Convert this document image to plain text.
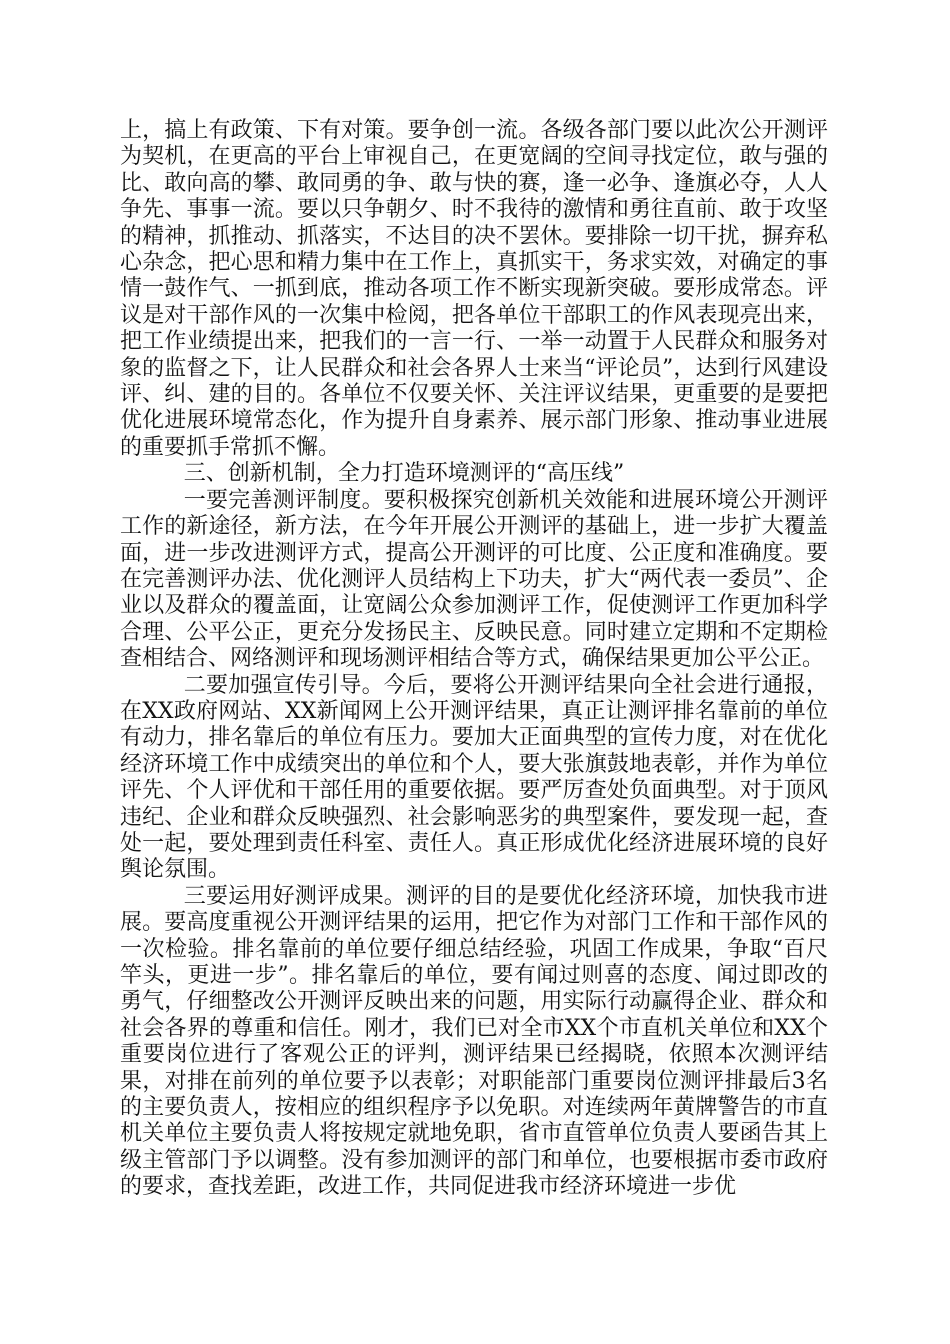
上，搞上有政策、下有对策。要争创一流。各级各部门要以此次公开测评为契机，在更高的平台上审视自己，在更宽阔的空间寻找定位，敢与强的比、敢向高的攀、敢同勇的争、敢与快的赛，逢一必争、逢旗必夺，人人争先、事事一流。要以只争朝夕、时不我待的激情和勇往直前、敢于攻坚的精神，抓推动、抓落实，不达目的决不罢休。要排除一切干扰，摒弃私心杂念，把心思和精力集中在工作上，真抓实干，务求实效，对确定的事情一鼓作气、一抓到底，推动各项工作不断实现新突破。要形成常态。评议是对干部作风的一次集中检阅，把各单位干部职工的作风表现亮出来，把工作业绩提出来，把我们的一言一行、一举一动置于人民群众和服务对象的监督之下，让人民群众和社会各界人士来当“评论员”，达到行风建设评、纠、建的目的。各单位不仅要关怀、关注评议结果，更重要的是要把优化进展环境常态化，作为提升自身素养、展示部门形象、推动事业进展的重要抓手常抓不懈。

三、创新机制，全力打造环境测评的“高压线”

一要完善测评制度。要积极探究创新机关效能和进展环境公开测评工作的新途径，新方法，在今年开展公开测评的基础上，进一步扩大覆盖面，进一步改进测评方式，提高公开测评的可比度、公正度和准确度。要在完善测评办法、优化测评人员结构上下功夫，扩大“两代表一委员”、企业以及群众的覆盖面，让宽阔公众参加测评工作，促使测评工作更加科学合理、公平公正，更充分发扬民主、反映民意。同时建立定期和不定期检查相结合、网络测评和现场测评相结合等方式，确保结果更加公平公正。

二要加强宣传引导。今后，要将公开测评结果向全社会进行通报，在XX政府网站、XX新闻网上公开测评结果，真正让测评排名靠前的单位有动力，排名靠后的单位有压力。要加大正面典型的宣传力度，对在优化经济环境工作中成绩突出的单位和个人，要大张旗鼓地表彰，并作为单位评先、个人评优和干部任用的重要依据。要严厉查处负面典型。对于顶风违纪、企业和群众反映强烈、社会影响恶劣的典型案件，要发现一起，查处一起，要处理到责任科室、责任人。真正形成优化经济进展环境的良好舆论氛围。

三要运用好测评成果。测评的目的是要优化经济环境，加快我市进展。要高度重视公开测评结果的运用，把它作为对部门工作和干部作风的一次检验。排名靠前的单位要仔细总结经验，巩固工作成果，争取“百尺竿头，更进一步”。排名靠后的单位，要有闻过则喜的态度、闻过即改的勇气，仔细整改公开测评反映出来的问题，用实际行动赢得企业、群众和社会各界的尊重和信任。刚才，我们已对全市XX个市直机关单位和XX个重要岗位进行了客观公正的评判，测评结果已经揭晓，依照本次测评结果，对排在前列的单位要予以表彰；对职能部门重要岗位测评排最后3名的主要负责人，按相应的组织程序予以免职。对连续两年黄牌警告的市直机关单位主要负责人将按规定就地免职，省市直管单位负责人要函告其上级主管部门予以调整。没有参加测评的部门和单位，也要根据市委市政府的要求，查找差距，改进工作，共同促进我市经济环境进一步优
